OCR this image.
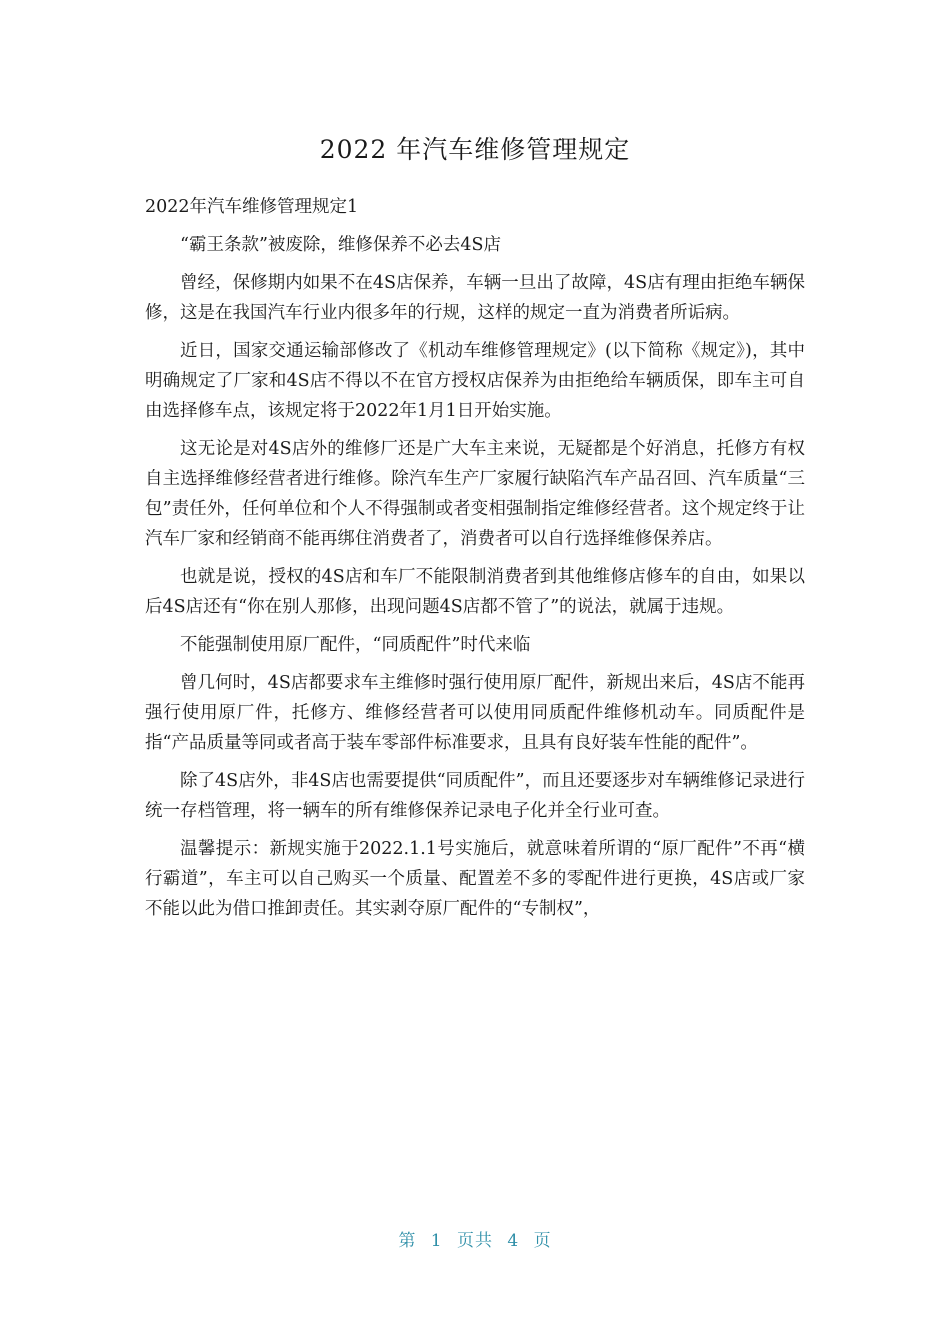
2022 年汽车维修管理规定

2022年汽车维修管理规定1

“霸王条款”被废除，维修保养不必去4S店

曾经，保修期内如果不在4S店保养，车辆一旦出了故障，4S店有理由拒绝车辆保修，这是在我国汽车行业内很多年的行规，这样的规定一直为消费者所诟病。

近日，国家交通运输部修改了《机动车维修管理规定》(以下简称《规定》)，其中明确规定了厂家和4S店不得以不在官方授权店保养为由拒绝给车辆质保，即车主可自由选择修车点，该规定将于2022年1月1日开始实施。

这无论是对4S店外的维修厂还是广大车主来说，无疑都是个好消息，托修方有权自主选择维修经营者进行维修。除汽车生产厂家履行缺陷汽车产品召回、汽车质量“三包”责任外，任何单位和个人不得强制或者变相强制指定维修经营者。这个规定终于让汽车厂家和经销商不能再绑住消费者了，消费者可以自行选择维修保养店。

也就是说，授权的4S店和车厂不能限制消费者到其他维修店修车的自由，如果以后4S店还有“你在别人那修，出现问题4S店都不管了”的说法，就属于违规。

不能强制使用原厂配件，“同质配件”时代来临

曾几何时，4S店都要求车主维修时强行使用原厂配件，新规出来后，4S店不能再强行使用原厂件，托修方、维修经营者可以使用同质配件维修机动车。同质配件是指“产品质量等同或者高于装车零部件标准要求，且具有良好装车性能的配件”。

除了4S店外，非4S店也需要提供“同质配件”，而且还要逐步对车辆维修记录进行统一存档管理，将一辆车的所有维修保养记录电子化并全行业可查。

温馨提示：新规实施于2022.1.1号实施后，就意味着所谓的“原厂配件”不再“横行霸道”，车主可以自己购买一个质量、配置差不多的零配件进行更换，4S店或厂家不能以此为借口推卸责任。其实剥夺原厂配件的“专制权”，

第 1 页共 4 页
